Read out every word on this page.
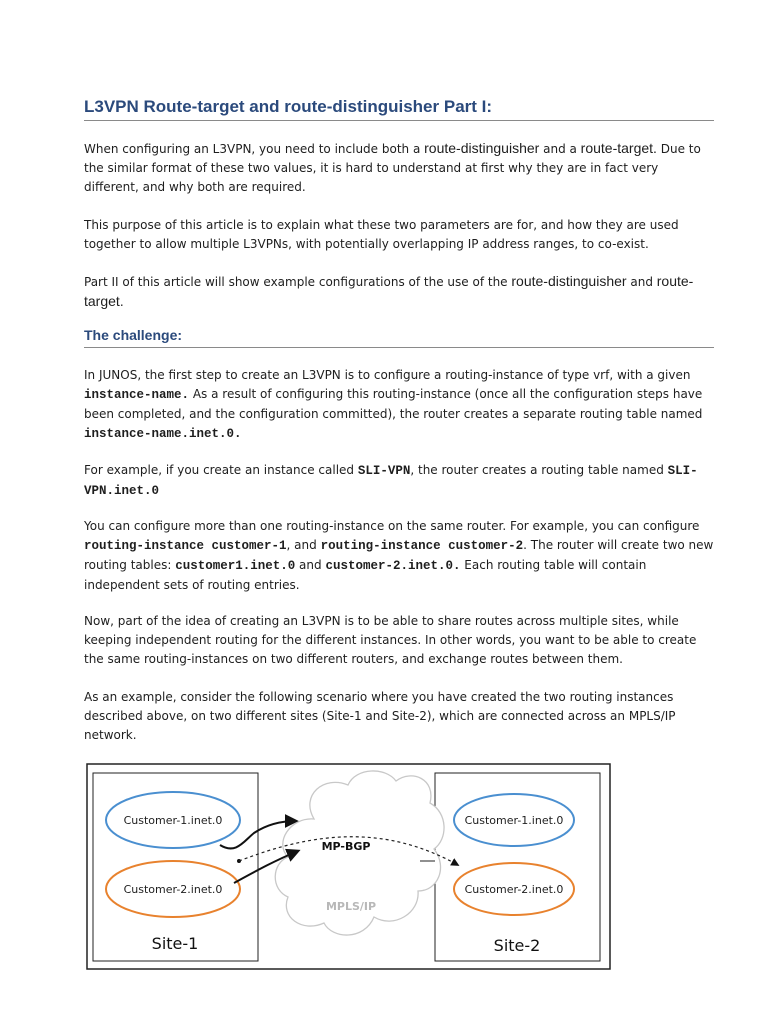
L3VPN Route-target and route-distinguisher Part I:

When configuring an L3VPN, you need to include both a route-distinguisher and a route-target. Due to the similar format of these two values, it is hard to understand at first why they are in fact very different, and why both are required.

This purpose of this article is to explain what these two parameters are for, and how they are used together to allow multiple L3VPNs, with potentially overlapping IP address ranges, to co-exist.

Part II of this article will show example configurations of the use of the route-distinguisher and route-target.

The challenge:

In JUNOS, the first step to create an L3VPN is to configure a routing-instance of type vrf, with a given instance-name. As a result of configuring this routing-instance (once all the configuration steps have been completed, and the configuration committed), the router creates a separate routing table named instance-name.inet.0.

For example, if you create an instance called SLI-VPN, the router creates a routing table named SLI-VPN.inet.0

You can configure more than one routing-instance on the same router. For example, you can configure routing-instance customer-1, and routing-instance customer-2. The router will create two new routing tables: customer1.inet.0 and customer-2.inet.0. Each routing table will contain independent sets of routing entries.

Now, part of the idea of creating an L3VPN is to be able to share routes across multiple sites, while keeping independent routing for the different instances. In other words, you want to be able to create the same routing-instances on two different routers, and exchange routes between them.

As an example, consider the following scenario where you have created the two routing instances described above, on two different sites (Site-1 and Site-2), which are connected across an MPLS/IP network.

Customer-1.inet.0
Customer-2.inet.0
Customer-1.inet.0
Customer-2.inet.0
MP-BGP
MPLS/IP
Site-1	Site-2
